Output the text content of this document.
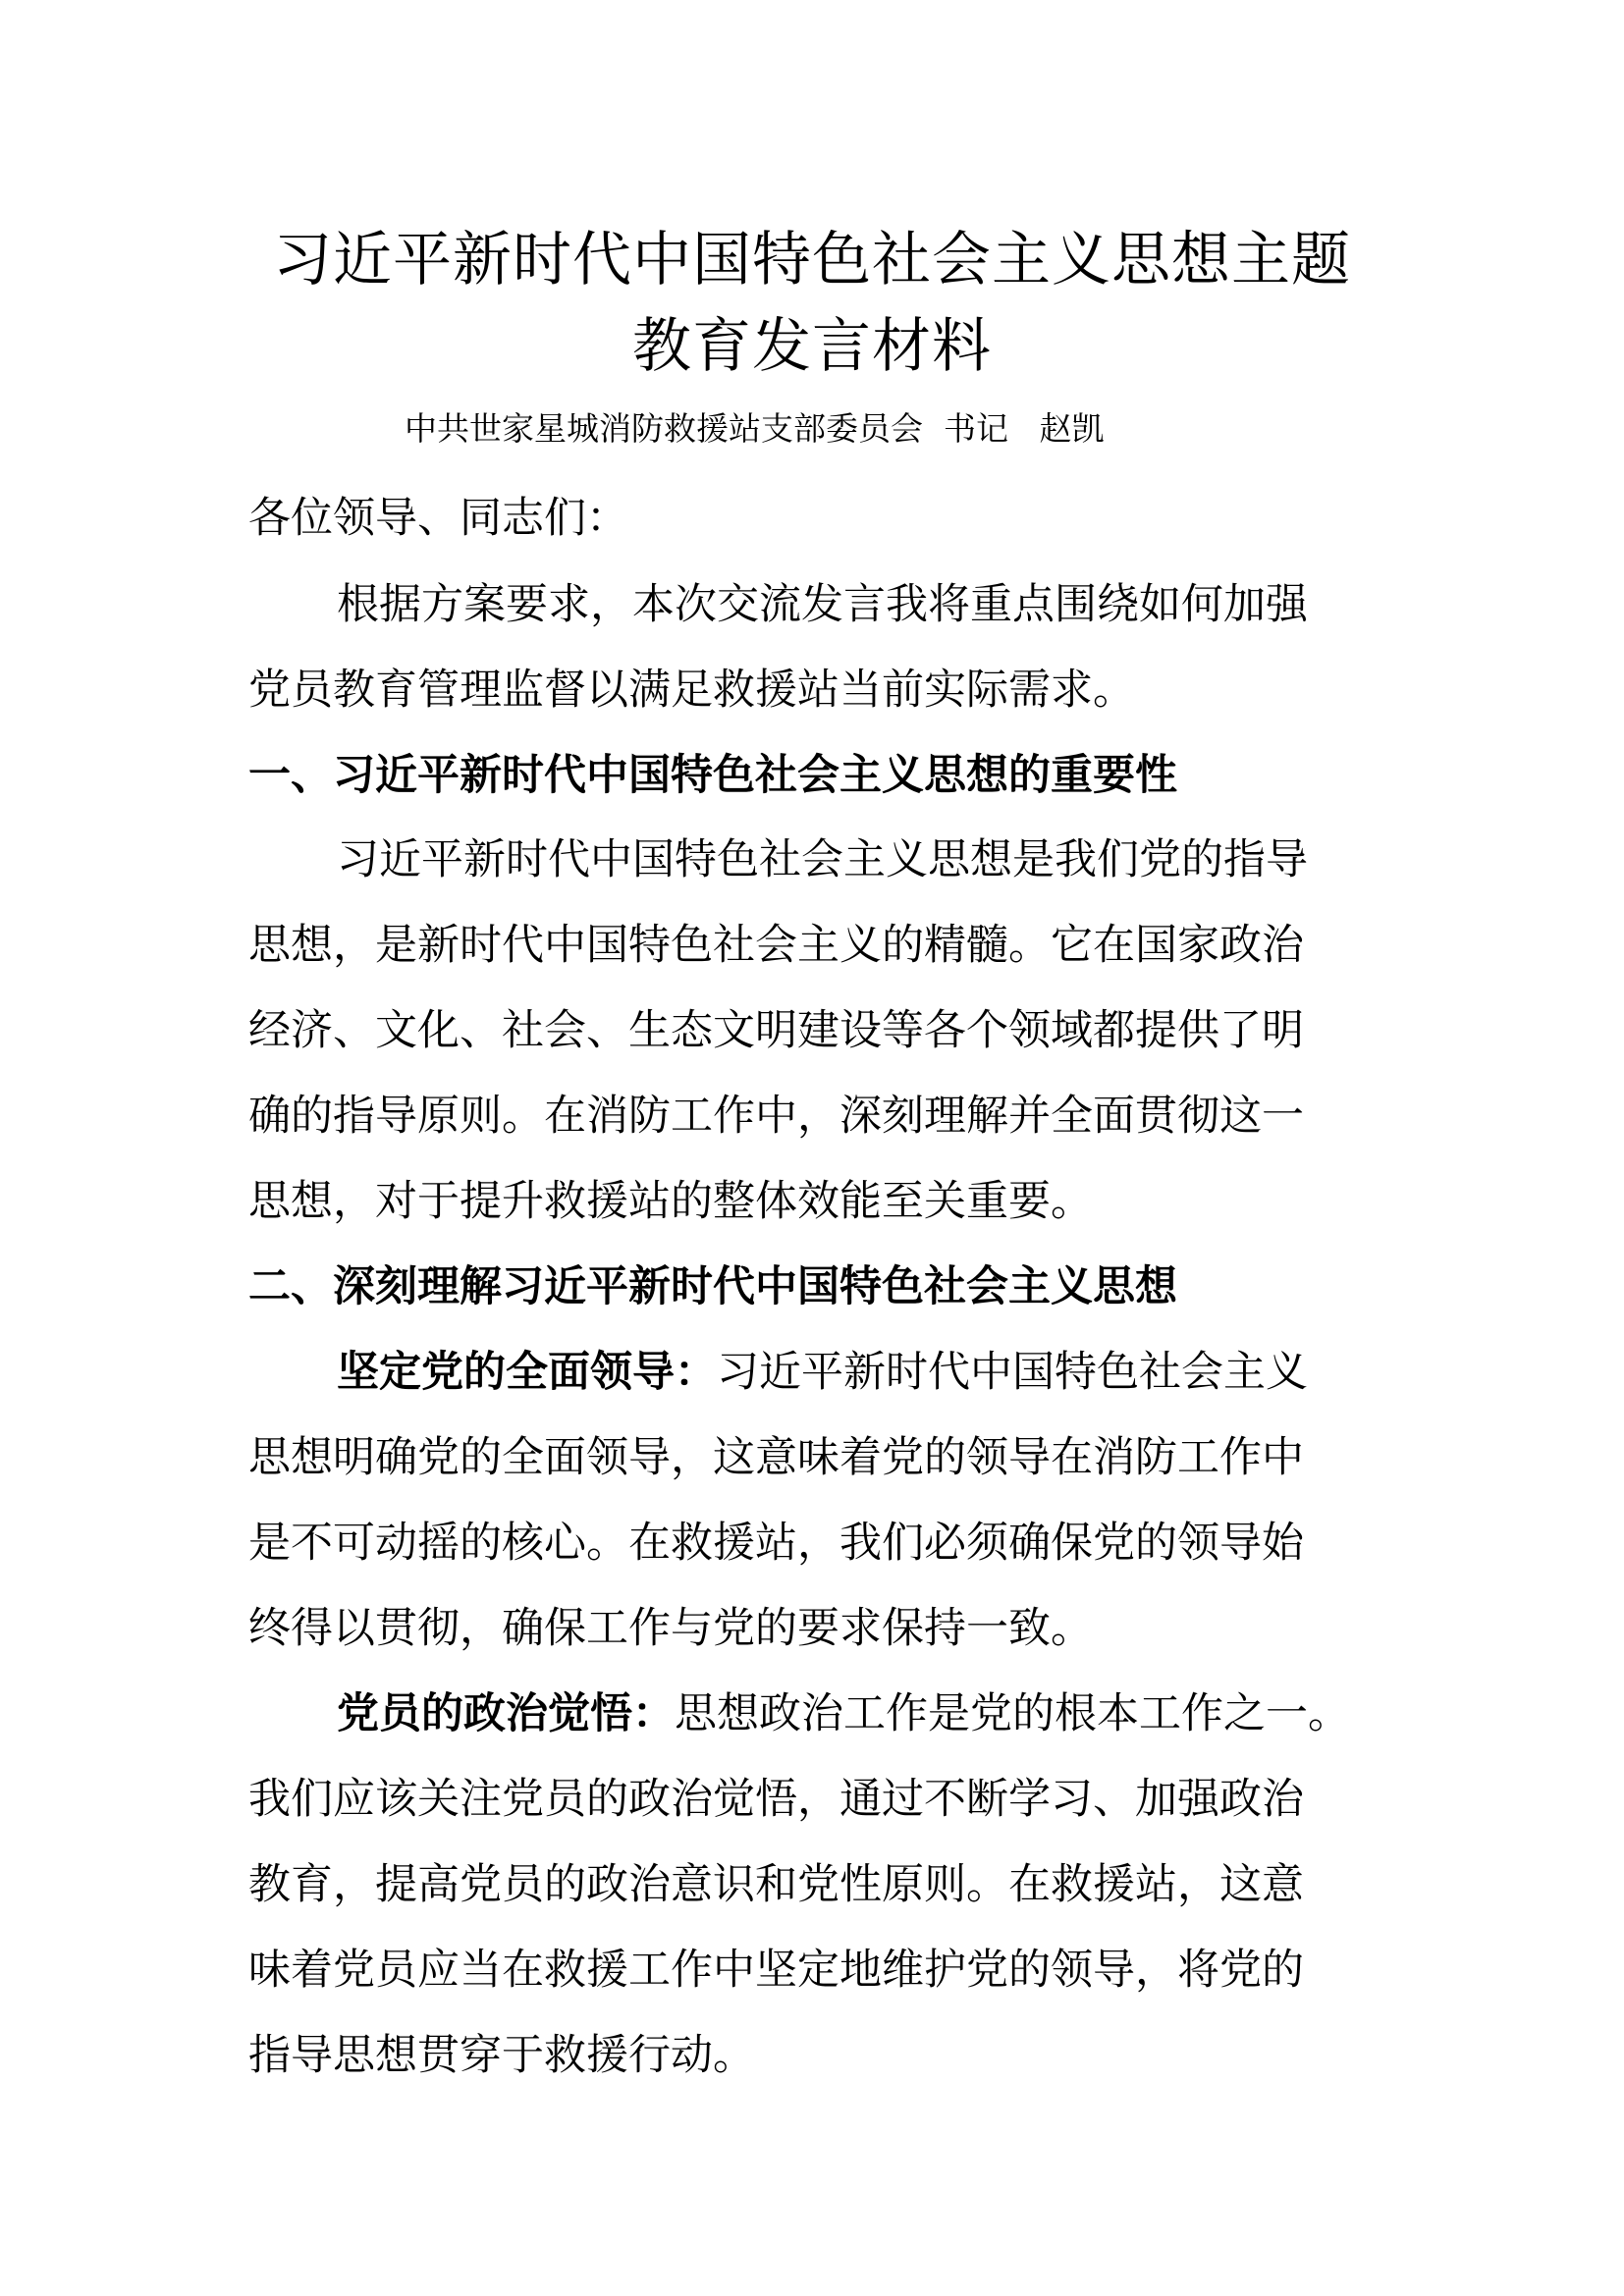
习近平新时代中国特色社会主义思想主题
教育发言材料
中共世家星城消防救援站支部委员会  书记   赵凯
各位领导、同志们：
根据方案要求，本次交流发言我将重点围绕如何加强
党员教育管理监督以满足救援站当前实际需求。
一、习近平新时代中国特色社会主义思想的重要性
习近平新时代中国特色社会主义思想是我们党的指导
思想，是新时代中国特色社会主义的精髓。它在国家政治
经济、文化、社会、生态文明建设等各个领域都提供了明
确的指导原则。在消防工作中，深刻理解并全面贯彻这一
思想，对于提升救援站的整体效能至关重要。
二、深刻理解习近平新时代中国特色社会主义思想
坚定党的全面领导：习近平新时代中国特色社会主义
思想明确党的全面领导，这意味着党的领导在消防工作中
是不可动摇的核心。在救援站，我们必须确保党的领导始
终得以贯彻，确保工作与党的要求保持一致。
党员的政治觉悟：思想政治工作是党的根本工作之一。
我们应该关注党员的政治觉悟，通过不断学习、加强政治
教育，提高党员的政治意识和党性原则。在救援站，这意
味着党员应当在救援工作中坚定地维护党的领导，将党的
指导思想贯穿于救援行动。
